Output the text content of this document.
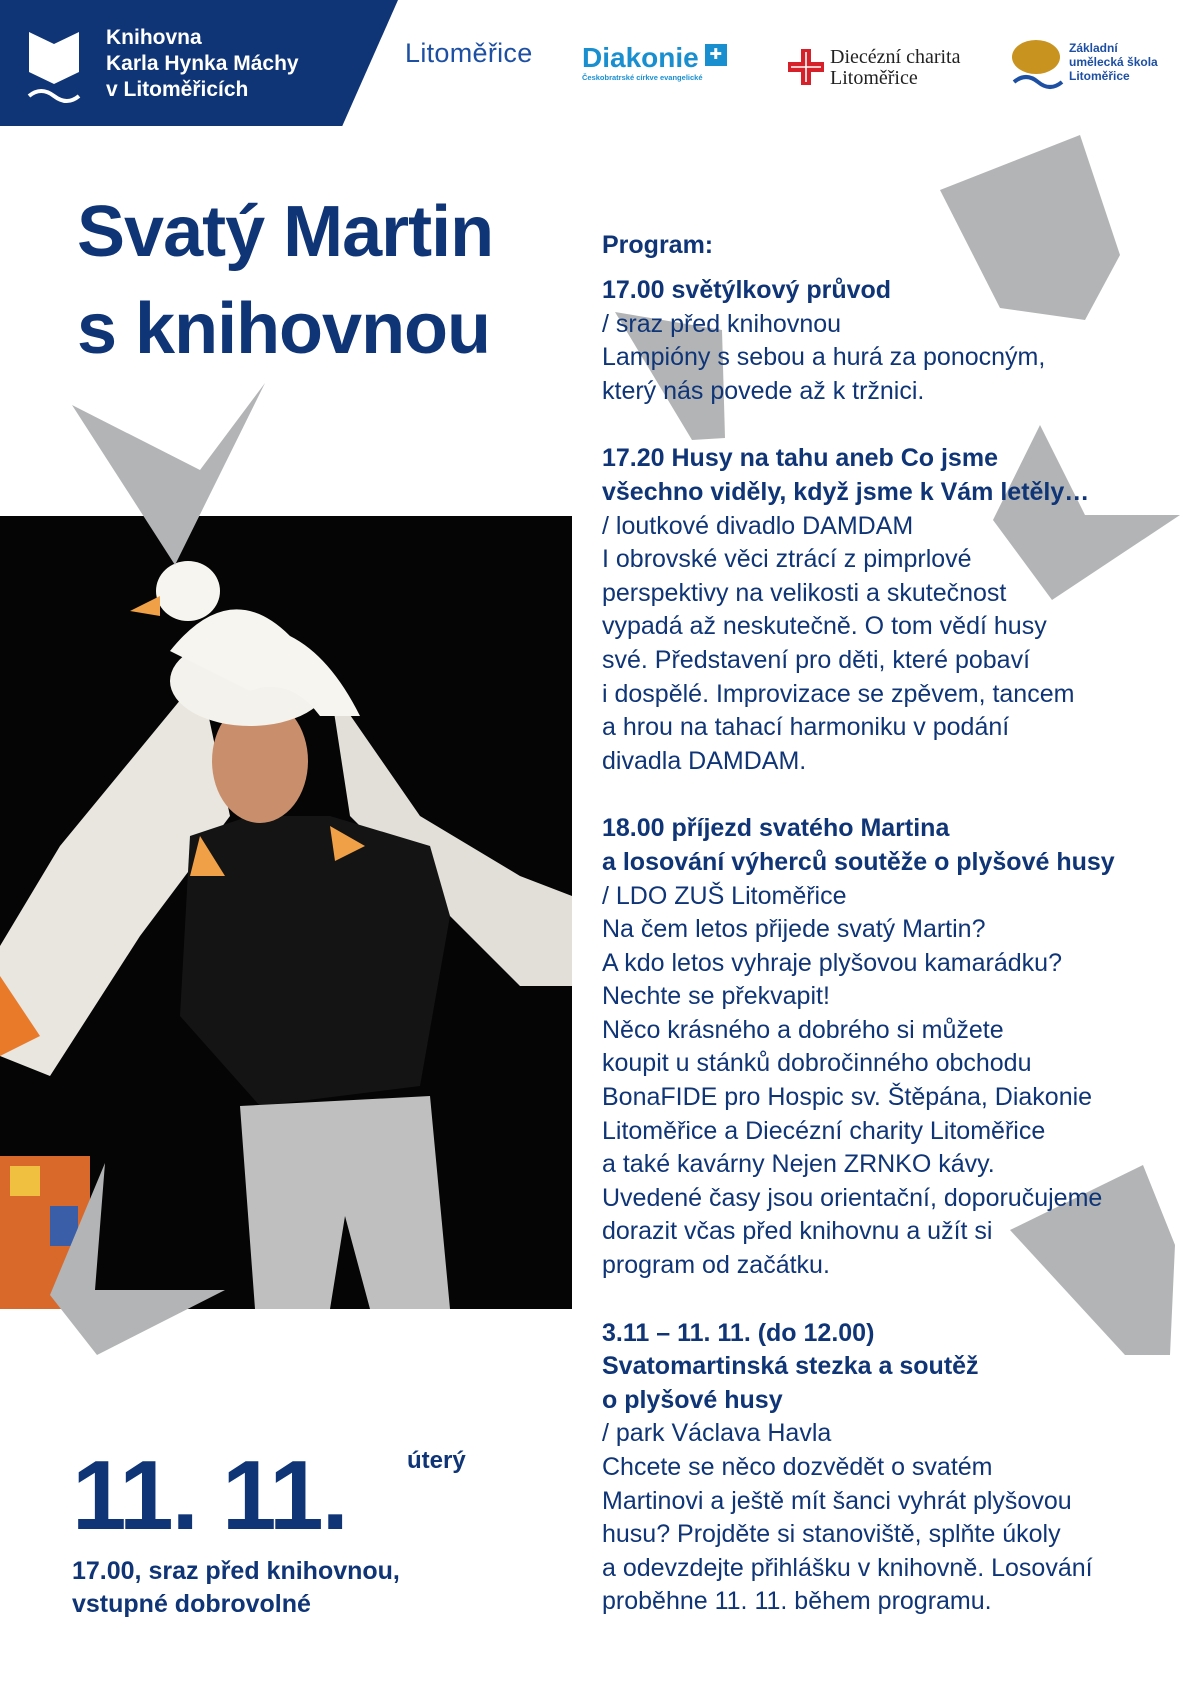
Knihovna
Karla Hynka Máchy
v Litoměřicích
Litoměřice Diakonie ✚
Českobratrské církve evangelické
Diecézní charita
Litoměřice
Základní
umělecká škola
Litoměřice
Svatý Martin
s knihovnou
Program:
17.00 světýlkový průvod
/ sraz před knihovnou
Lampióny s sebou a hurá za ponocným,
který nás povede až k tržnici.
17.20 Husy na tahu aneb Co jsme
všechno viděly, když jsme k Vám letěly…
/ loutkové divadlo DAMDAM
I obrovské věci ztrácí z pimprlové
perspektivy na velikosti a skutečnost
vypadá až neskutečně. O tom vědí husy
své. Představení pro děti, které pobaví
i dospělé. Improvizace se zpěvem, tancem
a hrou na tahací harmoniku v podání
divadla DAMDAM.
18.00 příjezd svatého Martina
a losování výherců soutěže o plyšové husy
/ LDO ZUŠ Litoměřice
Na čem letos přijede svatý Martin?
A kdo letos vyhraje plyšovou kamarádku?
Nechte se překvapit!
Něco krásného a dobrého si můžete
koupit u stánků dobročinného obchodu
BonaFIDE pro Hospic sv. Štěpána, Diakonie
Litoměřice a Diecézní charity Litoměřice
a také kavárny Nejen ZRNKO kávy.
Uvedené časy jsou orientační, doporučujeme
dorazit včas před knihovnu a užít si
program od začátku.
3.11 – 11. 11. (do 12.00)
Svatomartinská stezka a soutěž
o plyšové husy
/ park Václava Havla
Chcete se něco dozvědět o svatém
Martinovi a ještě mít šanci vyhrát plyšovou
husu? Projděte si stanoviště, splňte úkoly
a odevzdejte přihlášku v knihovně. Losování
proběhne 11. 11. během programu.
11. 11.	úterý
17.00, sraz před knihovnou,
vstupné dobrovolné
